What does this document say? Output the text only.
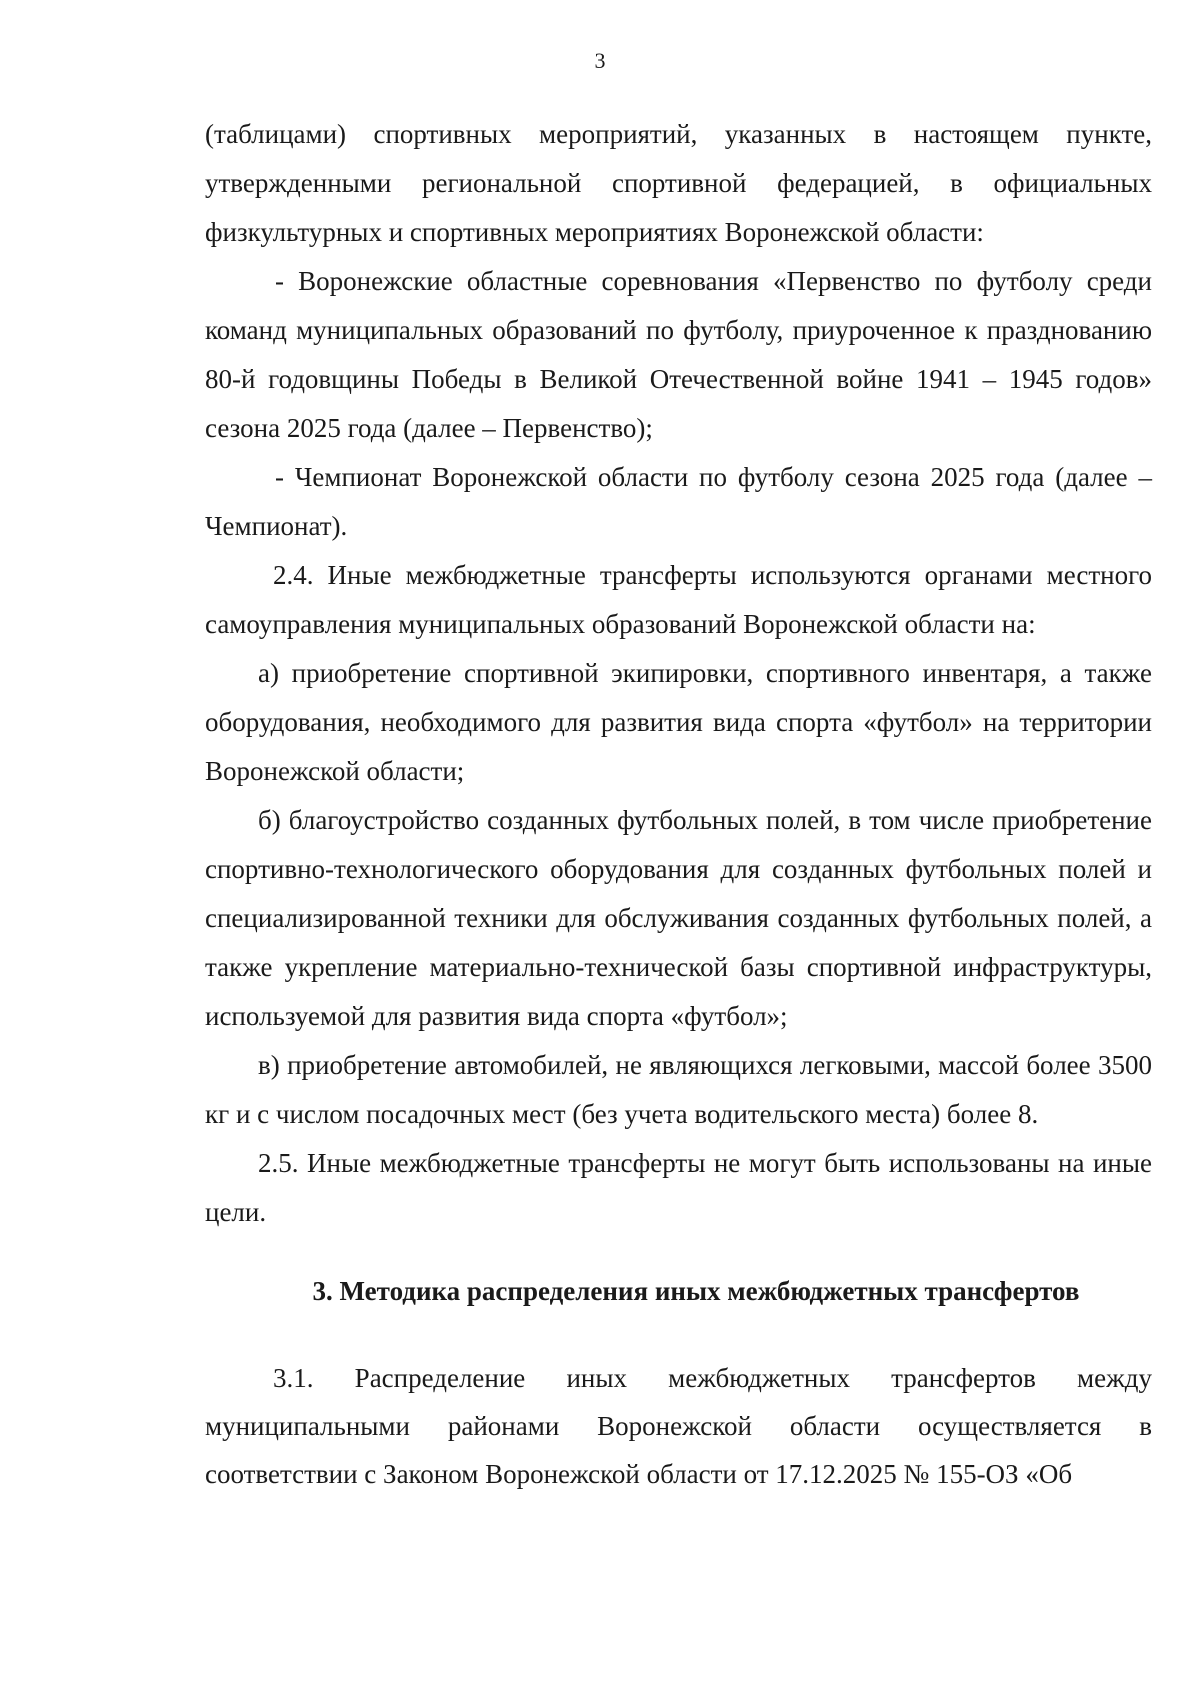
3

(таблицами) спортивных мероприятий, указанных в настоящем пункте, утвержденными региональной спортивной федерацией, в официальных физкультурных и спортивных мероприятиях Воронежской области:

- Воронежские областные соревнования «Первенство по футболу среди команд муниципальных образований по футболу, приуроченное к празднованию 80-й годовщины Победы в Великой Отечественной войне 1941 – 1945 годов» сезона 2025 года (далее – Первенство);

- Чемпионат Воронежской области по футболу сезона 2025 года (далее – Чемпионат).

2.4. Иные межбюджетные трансферты используются органами местного самоуправления муниципальных образований Воронежской области на:

а) приобретение спортивной экипировки, спортивного инвентаря, а также оборудования, необходимого для развития вида спорта «футбол» на территории Воронежской области;

б) благоустройство созданных футбольных полей, в том числе приобретение спортивно-технологического оборудования для созданных футбольных полей и специализированной техники для обслуживания созданных футбольных полей, а также укрепление материально-технической базы спортивной инфраструктуры, используемой для развития вида спорта «футбол»;

в) приобретение автомобилей, не являющихся легковыми, массой более 3500 кг и с числом посадочных мест (без учета водительского места) более 8.

2.5. Иные межбюджетные трансферты не могут быть использованы на иные цели.

3. Методика распределения иных межбюджетных трансфертов

3.1. Распределение иных межбюджетных трансфертов между муниципальными районами Воронежской области осуществляется в соответствии с Законом Воронежской области от 17.12.2025 № 155-ОЗ «Об
